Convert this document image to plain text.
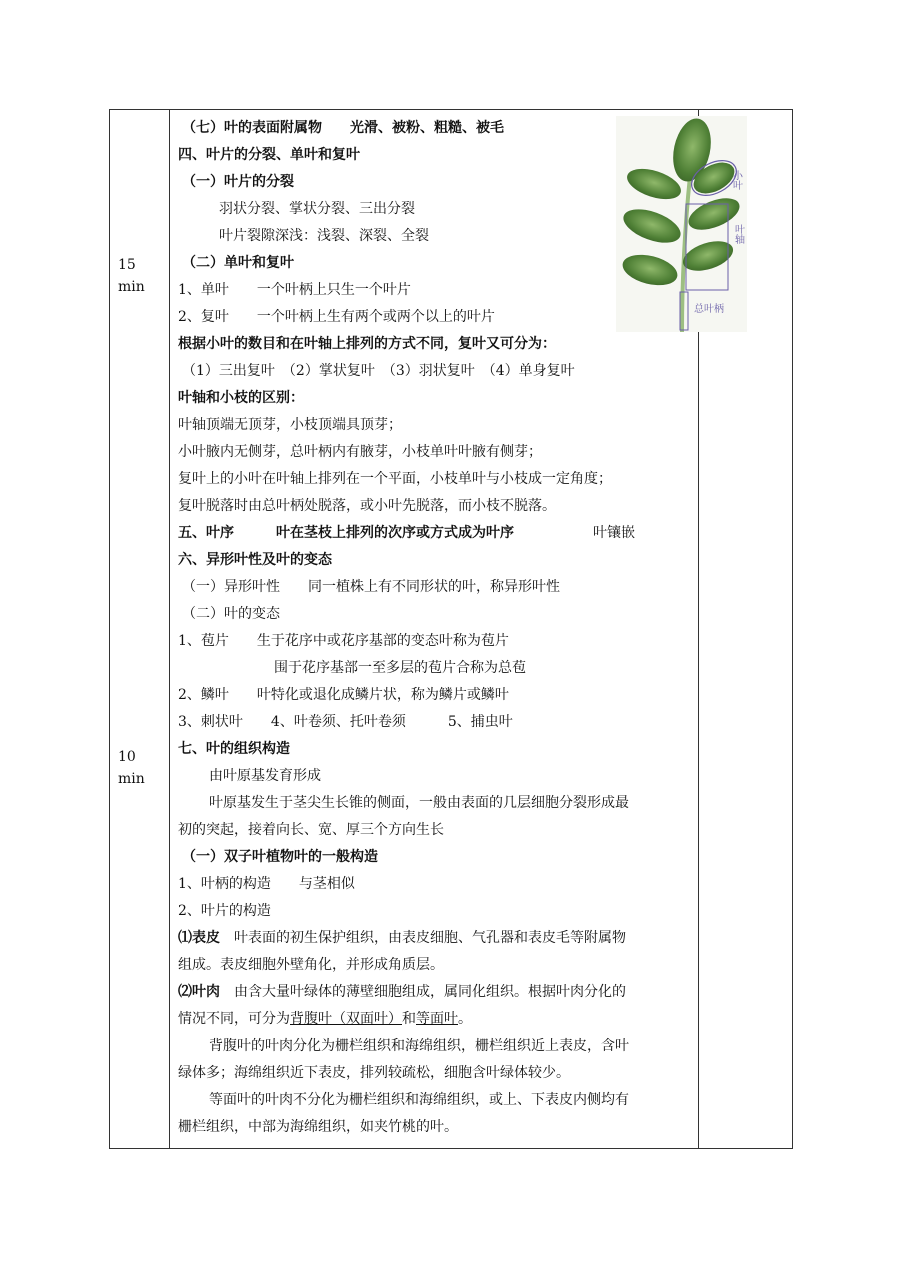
15
min
10
min

小叶
叶轴
总叶柄
（七）叶的表面附属物　　光滑、被粉、粗糙、被毛
四、叶片的分裂、单叶和复叶
（一）叶片的分裂
羽状分裂、掌状分裂、三出分裂
叶片裂隙深浅：浅裂、深裂、全裂
（二）单叶和复叶
1、单叶　　一个叶柄上只生一个叶片
2、复叶　　一个叶柄上生有两个或两个以上的叶片
根据小叶的数目和在叶轴上排列的方式不同，复叶又可分为：
（1）三出复叶　（2）掌状复叶　（3）羽状复叶　（4）单身复叶
叶轴和小枝的区别：
叶轴顶端无顶芽，小枝顶端具顶芽；
小叶腋内无侧芽，总叶柄内有腋芽，小枝单叶叶腋有侧芽；
复叶上的小叶在叶轴上排列在一个平面，小枝单叶与小枝成一定角度；
复叶脱落时由总叶柄处脱落，或小叶先脱落，而小枝不脱落。
五、叶序　　　叶在茎枝上排列的次序或方式成为叶序	叶镶嵌
六、异形叶性及叶的变态
（一）异形叶性　　同一植株上有不同形状的叶，称异形叶性
（二）叶的变态
1、苞片　　生于花序中或花序基部的变态叶称为苞片
围于花序基部一至多层的苞片合称为总苞
2、鳞叶　　叶特化或退化成鳞片状，称为鳞片或鳞叶
3、刺状叶　　4、叶卷须、托叶卷须　　　5、捕虫叶
七、叶的组织构造
由叶原基发育形成
叶原基发生于茎尖生长锥的侧面，一般由表面的几层细胞分裂形成最
初的突起，接着向长、宽、厚三个方向生长
（一）双子叶植物叶的一般构造
1、叶柄的构造　　与茎相似
2、叶片的构造
⑴表皮　叶表面的初生保护组织，由表皮细胞、气孔器和表皮毛等附属物
组成。表皮细胞外壁角化，并形成角质层。
⑵叶肉　由含大量叶绿体的薄壁细胞组成，属同化组织。根据叶肉分化的
情况不同，可分为背腹叶（双面叶）和等面叶。
背腹叶的叶肉分化为栅栏组织和海绵组织，栅栏组织近上表皮，含叶
绿体多；海绵组织近下表皮，排列较疏松，细胞含叶绿体较少。
等面叶的叶肉不分化为栅栏组织和海绵组织，或上、下表皮内侧均有
栅栏组织，中部为海绵组织，如夹竹桃的叶。
